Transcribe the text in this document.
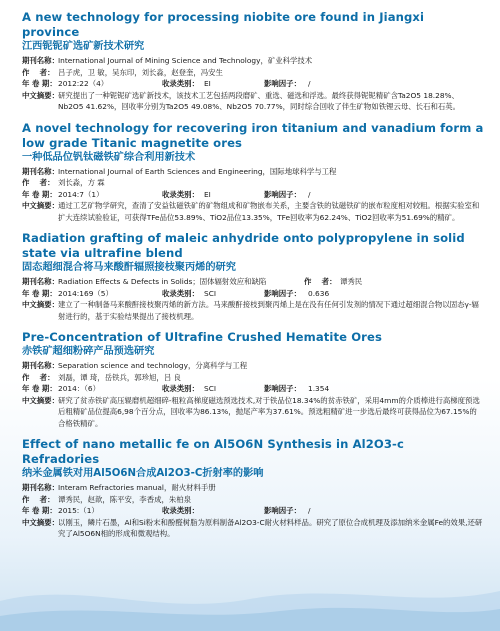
A new technology for processing niobite ore found in Jiangxi province
江西铌铌矿选矿新技术研究
期刊名称： International Journal of Mining Science and Technology，矿业科学技术
作    者： 吕子虎，卫 敏，吴东印，刘长淼，赵登奎，冯安生
年 卷 期： 2012:22（4）	收录类别： EI	影响因子： /
中文摘要： 研究提出了一种铌铌矿选矿新技术，该技术工艺包括两段磨矿、重选、磁选和浮选。最终获得铌铌精矿含Ta2O5 18.28%、Nb2O5 41.62%，回收率分别为Ta2O5 49.08%、Nb2O5 70.77%，同时综合回收了伴生矿物如铁锂云母、长石和石英。
A novel technology for recovering iron titanium and vanadium form a low grade Titanic magnetite ores
一种低品位钒钛磁铁矿综合利用新技术
期刊名称： International Journal of Earth Sciences and Engineering，国际地球科学与工程
作    者： 刘长淼，方 霖
年 卷 期： 2014:7（1）	收录类别： EI	影响因子： /
中文摘要： 通过工艺矿物学研究，查清了安益钛磁铁矿的矿物组成和矿物嵌布关系，主要含铁的钛磁铁矿的嵌布粒度相对较粗。根据实验室和扩大连续试验验证，可获得TFe品位53.89%、TiO2品位13.35%，TFe回收率为62.24%、TiO2回收率为51.69%的精矿。
Radiation grafting of maleic anhydride onto polypropylene in solid state via ultrafine blend
固态超细混合将马来酸酐辐照接枝聚丙烯的研究
期刊名称： Radiation Effects & Defects in Solids；固体辐射效应和缺陷	作    者： 谭秀民
年 卷 期： 2014:169（5）	收录类别： SCI	影响因子： 0.636
中文摘要： 建立了一种制备马来酸酐接枝聚丙烯的新方法。马来酸酐接枝到聚丙烯上是在没有任何引发剂的情况下通过超细混合物以固态γ-辐射进行的，基于实验结果提出了接枝机理。
Pre-Concentration of Ultrafine Crushed Hematite Ores
赤铁矿超细粉碎产品预选研究
期刊名称： Separation science and technology，分离科学与工程
作    者： 刘磊，谭 琦，岳铁兵，郭珍旭，吕 良
年 卷 期： 2014：（6）	收录类别： SCI	影响因子： 1.354
中文摘要： 研究了贫赤铁矿高压辊磨机超细碎-粗粒高梯度磁选预选技术,对于铁品位18.34%的贫赤铁矿，采用4mm的介质棒进行高梯度预选后粗精矿品位提高6,98个百分点，回收率为86.13%，抛尾产率为37.61%。预选粗精矿进一步选后最终可获得品位为67.15%的合格铁精矿。
Effect of nano metallic fe on Al5O6N Synthesis in Al2O3-c Refradories
纳米金属铁对用Al5O6N合成Al2O3-C折射率的影响
期刊名称： Interam Refractories manual，耐火材料手册
作    者： 谭秀民，赵歆，陈平安，李香成，朱柏泉
年 卷 期： 2015:（1）	收录类别：	影响因子： /
中文摘要： 以刚玉，鳞片石墨，Al和Si粉末和酚醛树脂为原料制备Al2O3-C耐火材料样品。研究了原位合成机理及添加纳米金属Fe的效果,还研究了Al5O6N相的形成和微观结构。
